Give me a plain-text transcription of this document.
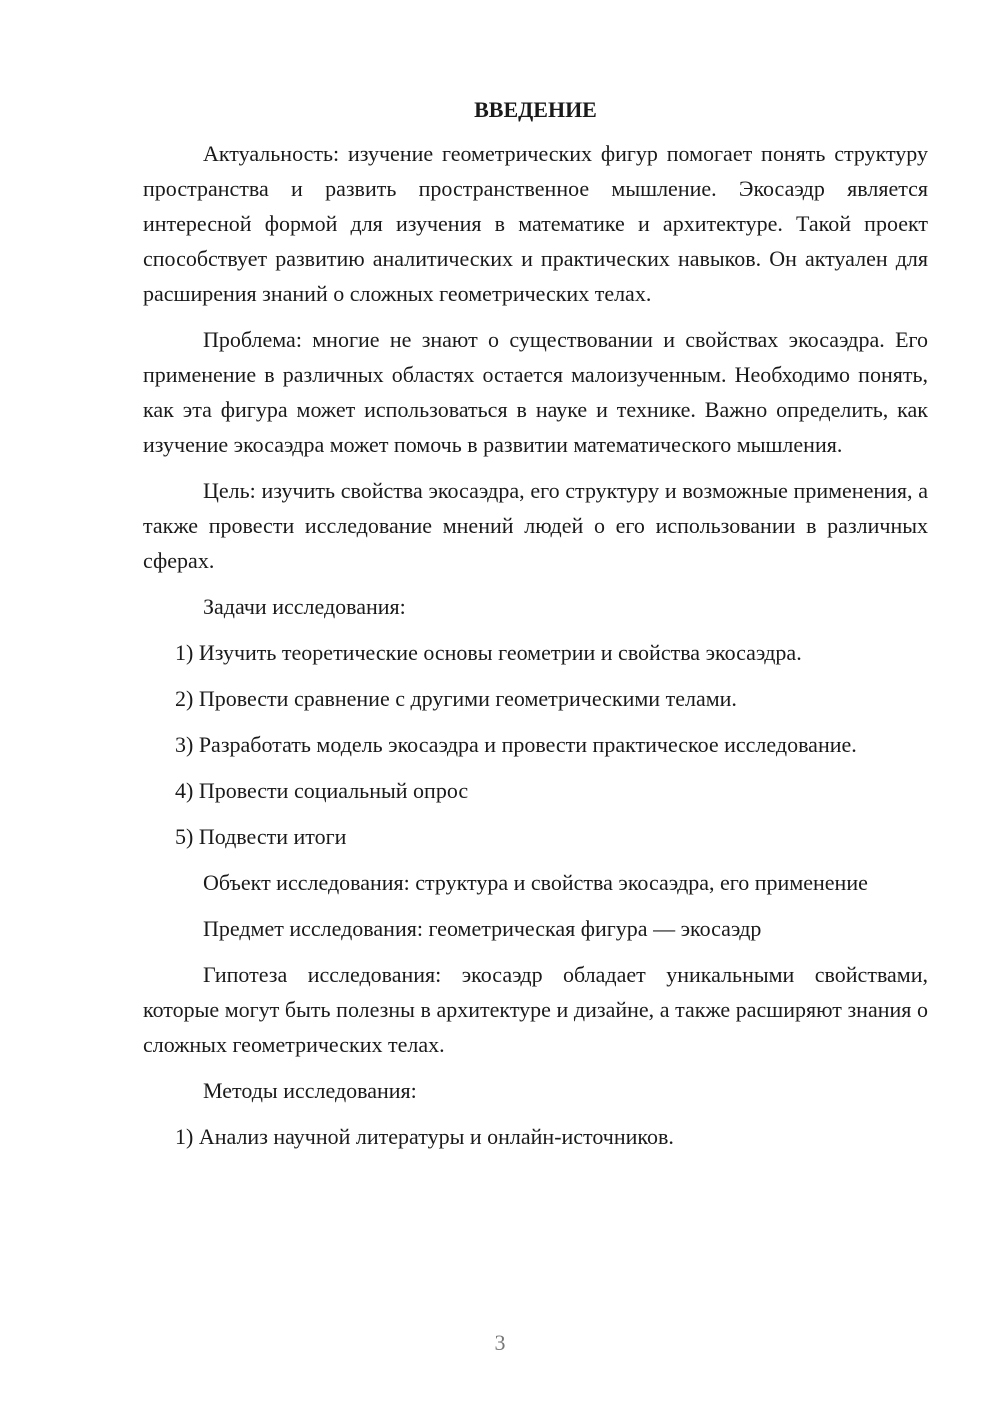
ВВЕДЕНИЕ

Актуальность: изучение геометрических фигур помогает понять структуру пространства и развить пространственное мышление. Экосаэдр является интересной формой для изучения в математике и архитектуре. Такой проект способствует развитию аналитических и практических навыков. Он актуален для расширения знаний о сложных геометрических телах.

Проблема: многие не знают о существовании и свойствах экосаэдра. Его применение в различных областях остается малоизученным. Необходимо понять, как эта фигура может использоваться в науке и технике. Важно определить, как изучение экосаэдра может помочь в развитии математического мышления.

Цель: изучить свойства экосаэдра, его структуру и возможные применения, а также провести исследование мнений людей о его использовании в различных сферах.

Задачи исследования:

1) Изучить теоретические основы геометрии и свойства экосаэдра.

2) Провести сравнение с другими геометрическими телами.

3) Разработать модель экосаэдра и провести практическое исследование.

4) Провести социальный опрос

5) Подвести итоги

Объект исследования: структура и свойства экосаэдра, его применение

Предмет исследования: геометрическая фигура — экосаэдр

Гипотеза исследования: экосаэдр обладает уникальными свойствами, которые могут быть полезны в архитектуре и дизайне, а также расширяют знания о сложных геометрических телах.

Методы исследования:

1) Анализ научной литературы и онлайн-источников.

3
